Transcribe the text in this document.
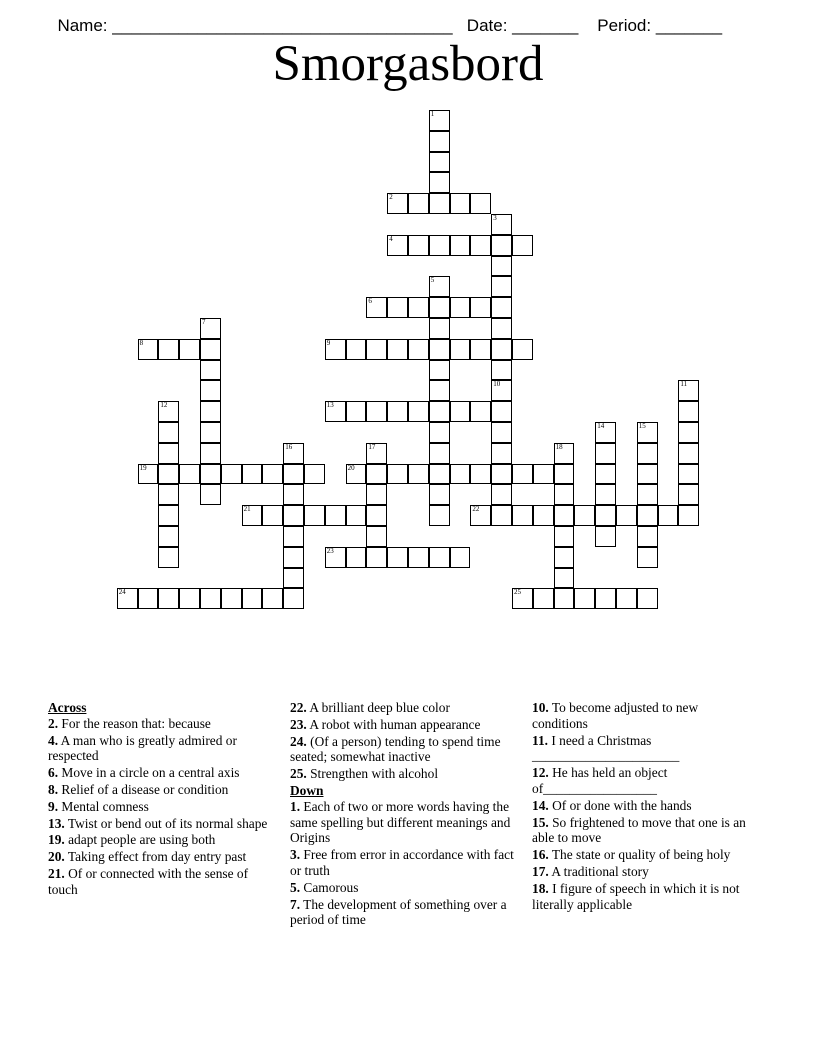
Name: ____________________________________ Date: _______ Period: _______

Smorgasbord
1
2
3
10
4
5
6
7
8	9
11
12	13
14	15
16	17	18
19	20
21	22
23
24	25
Across
2. For the reason that: because
4. A man who is greatly admired or respected
6. Move in a circle on a central axis
8. Relief of a disease or condition
9. Mental comness
13. Twist or bend out of its normal shape
19. adapt people are using both
20. Taking effect from day entry past
21. Of or connected with the sense of touch
22. A brilliant deep blue color
23. A robot with human appearance
24. (Of a person) tending to spend time seated; somewhat inactive
25. Strengthen with alcohol
Down
1. Each of two or more words having the same spelling but different meanings and Origins
3. Free from error in accordance with fact or truth
5. Camorous
7. The development of something over a period of time
10. To become adjusted to new conditions
11. I need a Christmas ______________________
12. He has held an object of_________________
14. Of or done with the hands
15. So frightened to move that one is an able to move
16. The state or quality of being holy
17. A traditional story
18. I figure of speech in which it is not literally applicable
